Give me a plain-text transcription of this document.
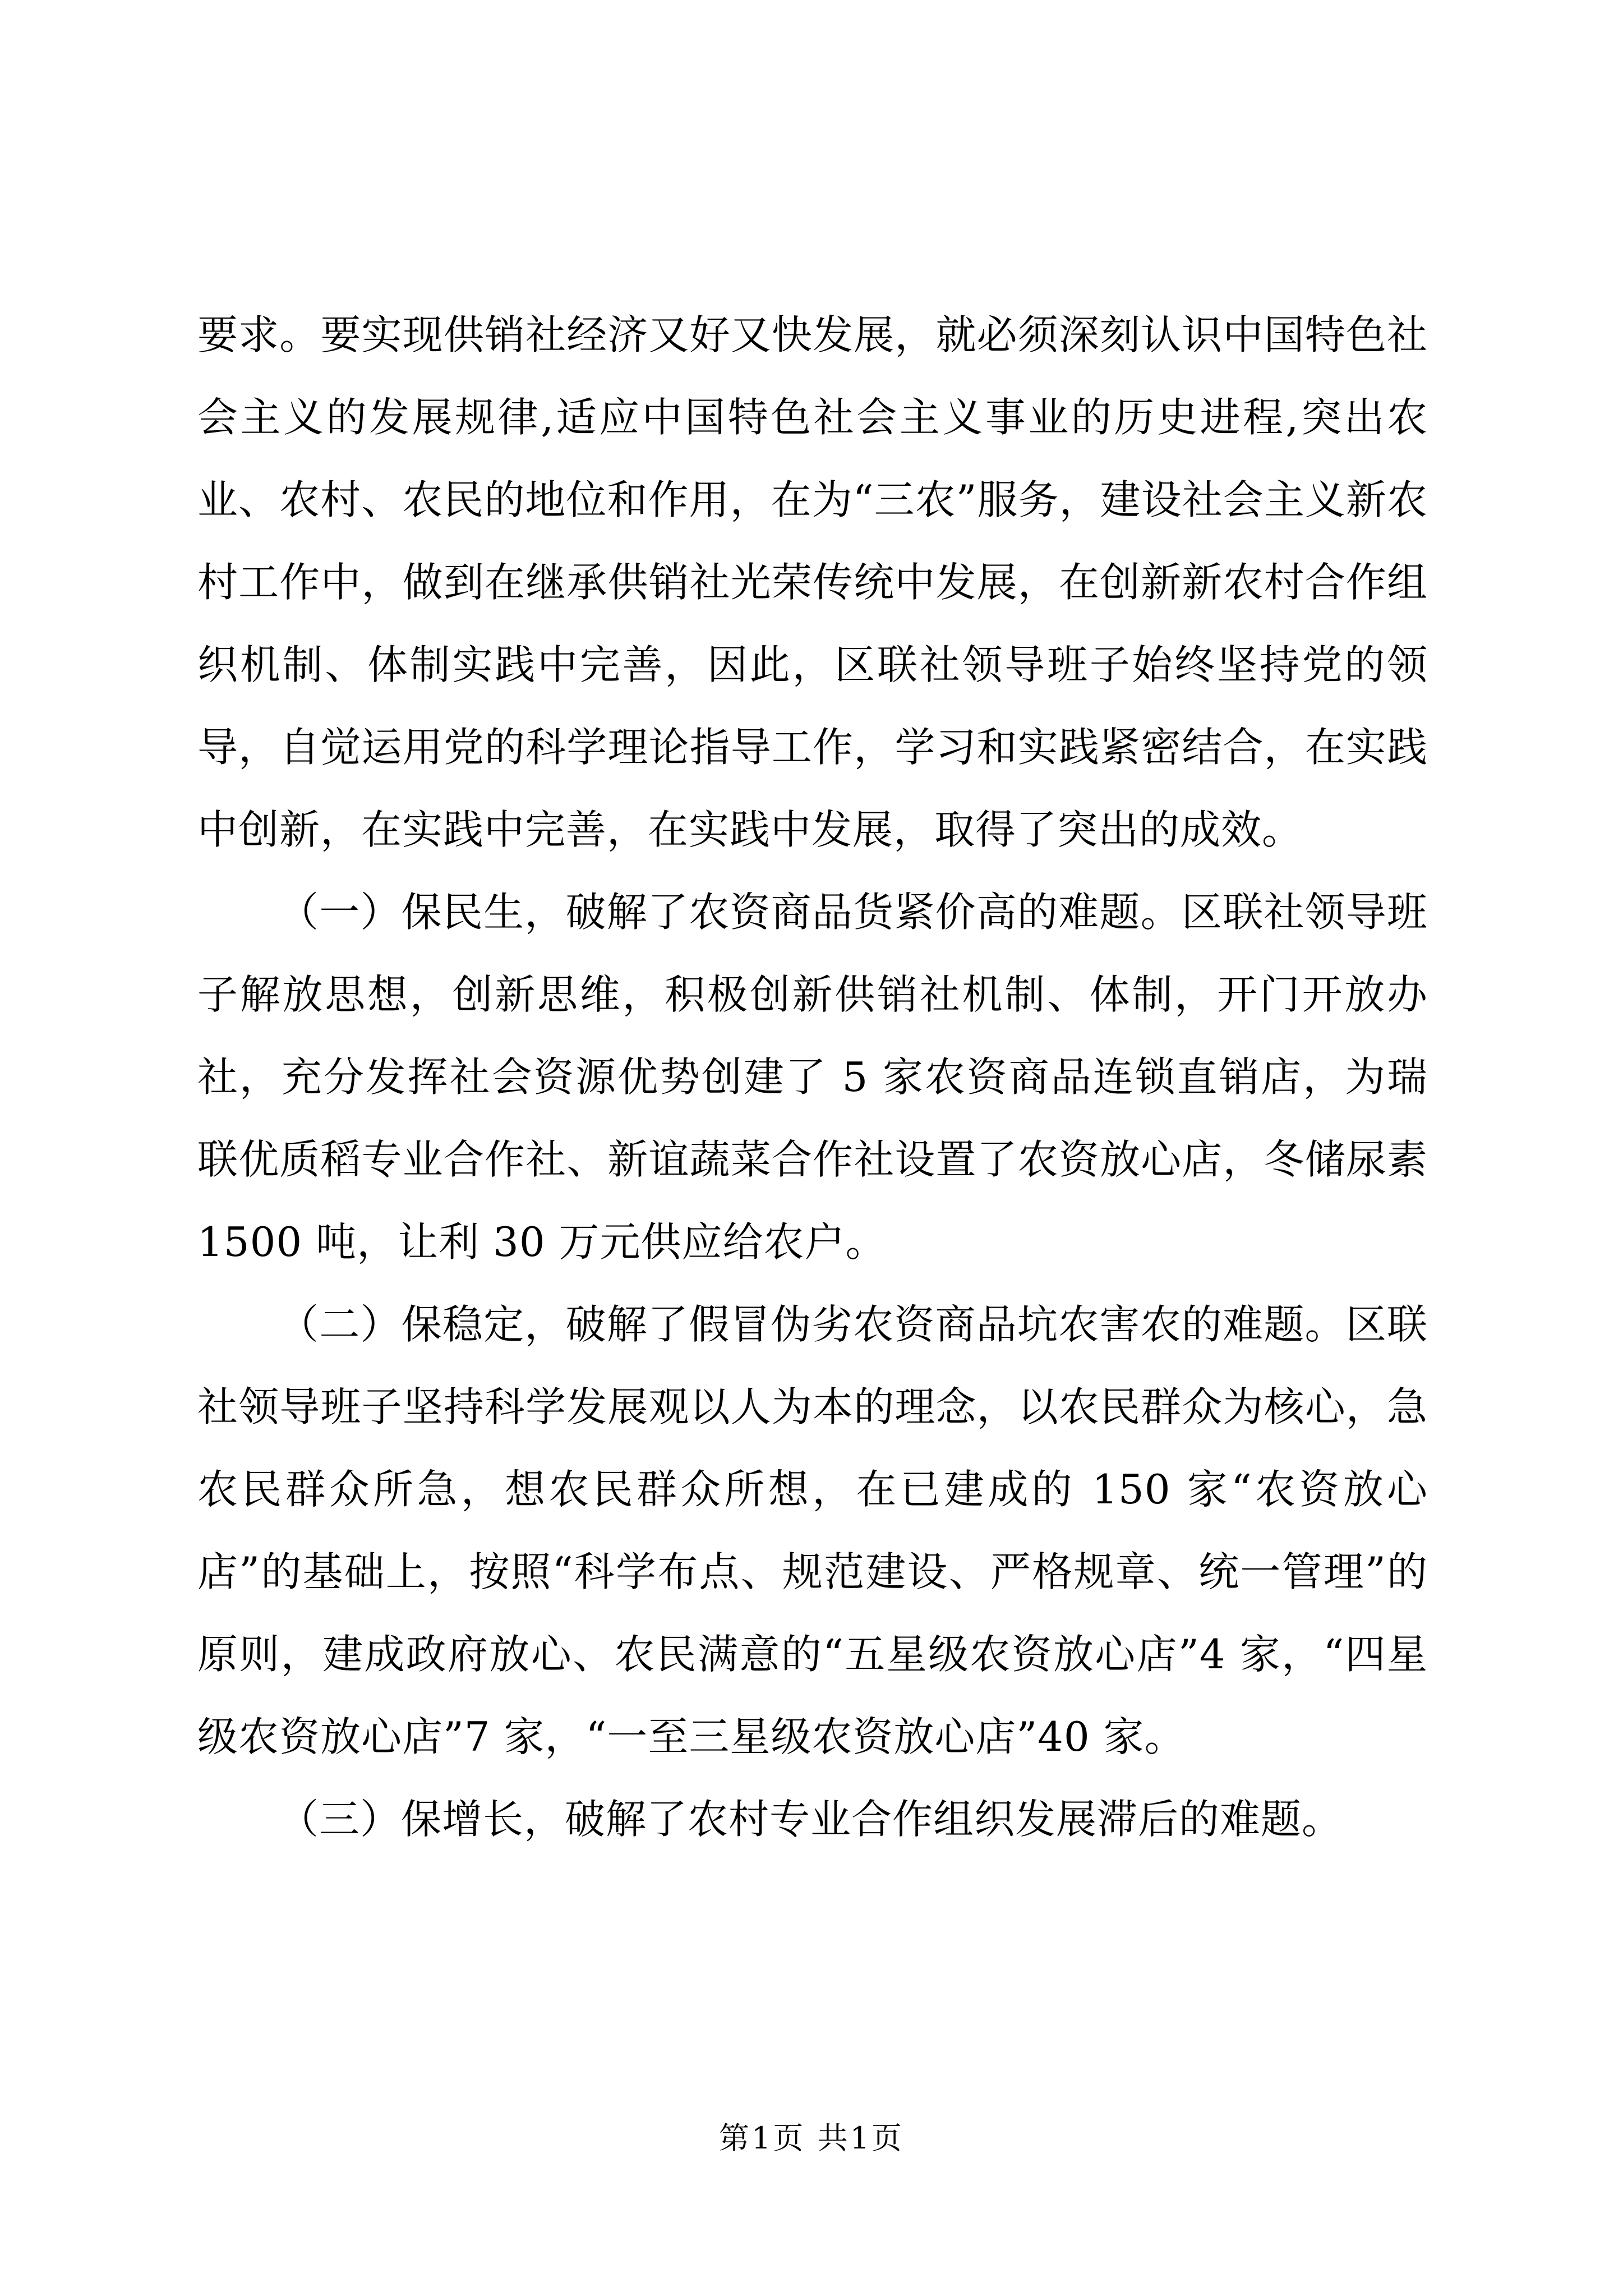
要求。要实现供销社经济又好又快发展，就必须深刻认识中国特色社会主义的发展规律,适应中国特色社会主义事业的历史进程,突出农业、农村、农民的地位和作用，在为“三农”服务，建设社会主义新农村工作中，做到在继承供销社光荣传统中发展，在创新新农村合作组织机制、体制实践中完善，因此，区联社领导班子始终坚持党的领导，自觉运用党的科学理论指导工作，学习和实践紧密结合，在实践中创新，在实践中完善，在实践中发展，取得了突出的成效。

（一）保民生，破解了农资商品货紧价高的难题。区联社领导班子解放思想，创新思维，积极创新供销社机制、体制，开门开放办社，充分发挥社会资源优势创建了 5 家农资商品连锁直销店，为瑞联优质稻专业合作社、新谊蔬菜合作社设置了农资放心店，冬储尿素 1500 吨，让利 30 万元供应给农户。

（二）保稳定，破解了假冒伪劣农资商品坑农害农的难题。区联社领导班子坚持科学发展观以人为本的理念，以农民群众为核心，急农民群众所急，想农民群众所想，在已建成的 150 家“农资放心店”的基础上，按照“科学布点、规范建设、严格规章、统一管理”的原则，建成政府放心、农民满意的“五星级农资放心店”4 家，“四星级农资放心店”7 家，“一至三星级农资放心店”40 家。

（三）保增长，破解了农村专业合作组织发展滞后的难题。

第1页 共1页
